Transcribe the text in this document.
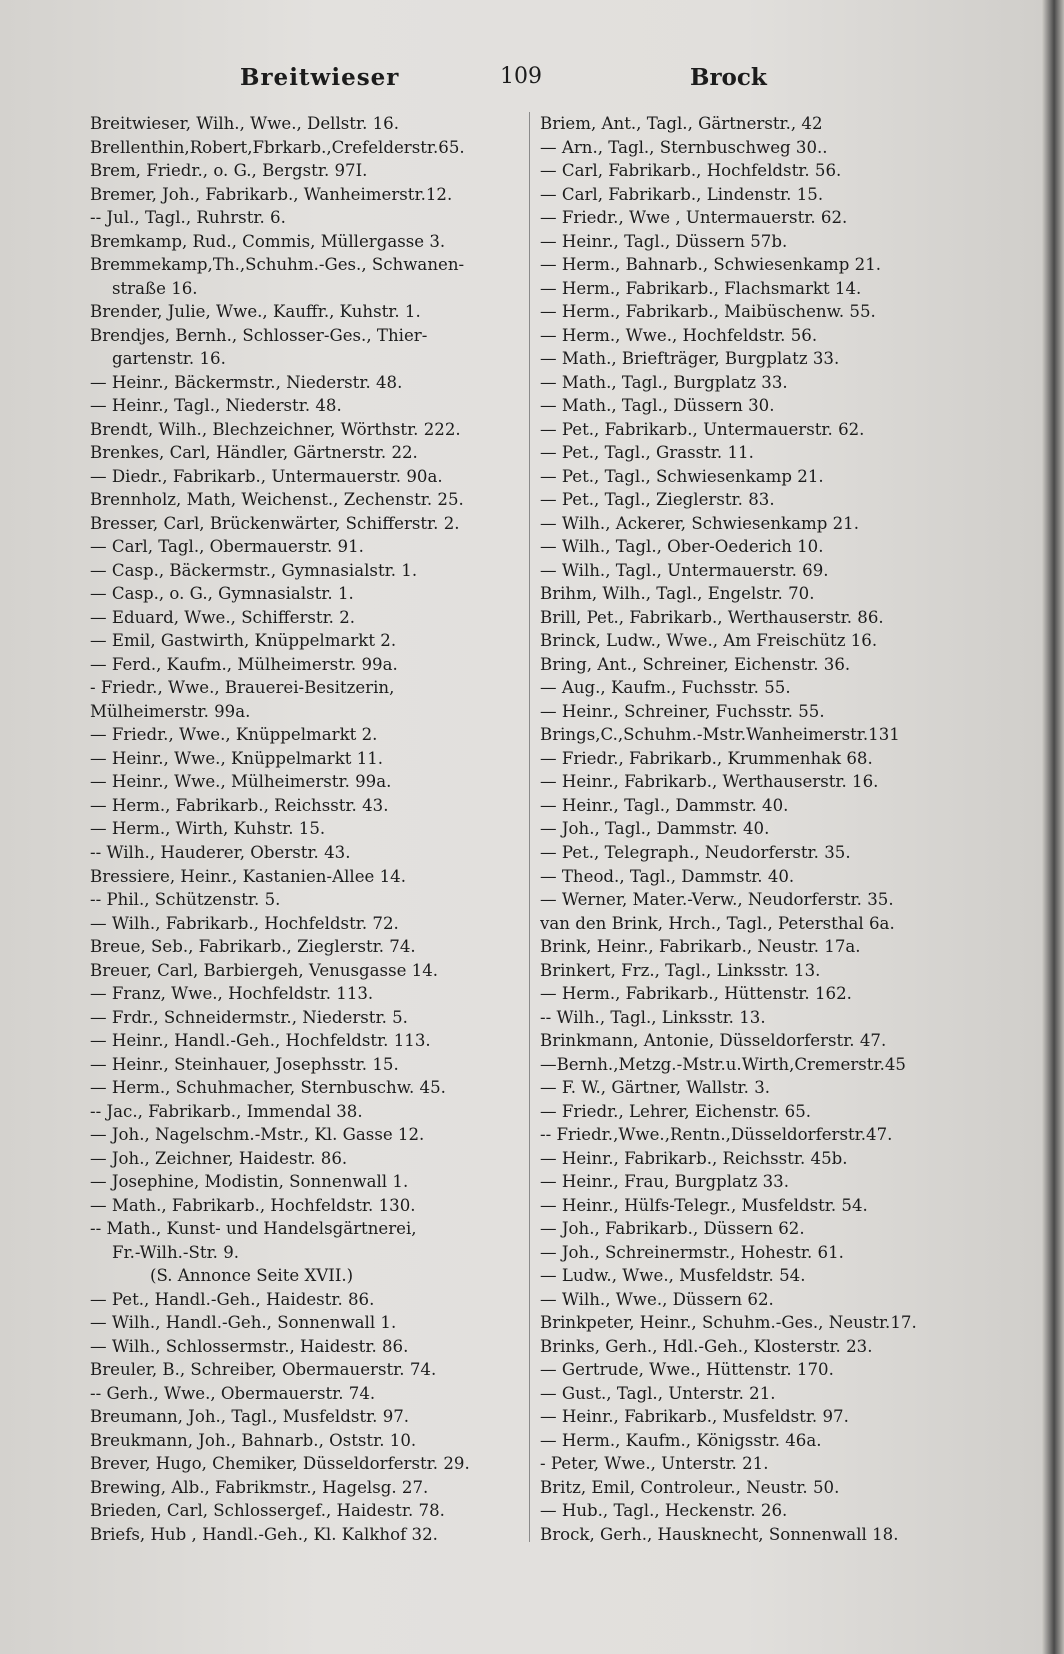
Breitwieser	109	Brock
Breitwieser, Wilh., Wwe., Dellstr. 16.
Brellenthin,Robert,Fbrkarb.,Crefelderstr.65.
Brem, Friedr., o. G., Bergstr. 97I.
Bremer, Joh., Fabrikarb., Wanheimerstr.12.
-- Jul., Tagl., Ruhrstr. 6.
Bremkamp, Rud., Commis, Müllergasse 3.
Bremmekamp,Th.,Schuhm.-Ges., Schwanen-
straße 16.
Brender, Julie, Wwe., Kauffr., Kuhstr. 1.
Brendjes, Bernh., Schlosser-Ges., Thier-
gartenstr. 16.
— Heinr., Bäckermstr., Niederstr. 48.
— Heinr., Tagl., Niederstr. 48.
Brendt, Wilh., Blechzeichner, Wörthstr. 222.
Brenkes, Carl, Händler, Gärtnerstr. 22.
— Diedr., Fabrikarb., Untermauerstr. 90a.
Brennholz, Math, Weichenst., Zechenstr. 25.
Bresser, Carl, Brückenwärter, Schifferstr. 2.
— Carl, Tagl., Obermauerstr. 91.
— Casp., Bäckermstr., Gymnasialstr. 1.
— Casp., o. G., Gymnasialstr. 1.
— Eduard, Wwe., Schifferstr. 2.
— Emil, Gastwirth, Knüppelmarkt 2.
— Ferd., Kaufm., Mülheimerstr. 99a.
- Friedr., Wwe., Brauerei-Besitzerin,
Mülheimerstr. 99a.
— Friedr., Wwe., Knüppelmarkt 2.
— Heinr., Wwe., Knüppelmarkt 11.
— Heinr., Wwe., Mülheimerstr. 99a.
— Herm., Fabrikarb., Reichsstr. 43.
— Herm., Wirth, Kuhstr. 15.
-- Wilh., Hauderer, Oberstr. 43.
Bressiere, Heinr., Kastanien-Allee 14.
-- Phil., Schützenstr. 5.
— Wilh., Fabrikarb., Hochfeldstr. 72.
Breue, Seb., Fabrikarb., Zieglerstr. 74.
Breuer, Carl, Barbiergeh, Venusgasse 14.
— Franz, Wwe., Hochfeldstr. 113.
— Frdr., Schneidermstr., Niederstr. 5.
— Heinr., Handl.-Geh., Hochfeldstr. 113.
— Heinr., Steinhauer, Josephsstr. 15.
— Herm., Schuhmacher, Sternbuschw. 45.
-- Jac., Fabrikarb., Immendal 38.
— Joh., Nagelschm.-Mstr., Kl. Gasse 12.
— Joh., Zeichner, Haidestr. 86.
— Josephine, Modistin, Sonnenwall 1.
— Math., Fabrikarb., Hochfeldstr. 130.
-- Math., Kunst- und Handelsgärtnerei,
Fr.-Wilh.-Str. 9.
(S. Annonce Seite XVII.)
— Pet., Handl.-Geh., Haidestr. 86.
— Wilh., Handl.-Geh., Sonnenwall 1.
— Wilh., Schlossermstr., Haidestr. 86.
Breuler, B., Schreiber, Obermauerstr. 74.
-- Gerh., Wwe., Obermauerstr. 74.
Breumann, Joh., Tagl., Musfeldstr. 97.
Breukmann, Joh., Bahnarb., Oststr. 10.
Brever, Hugo, Chemiker, Düsseldorferstr. 29.
Brewing, Alb., Fabrikmstr., Hagelsg. 27.
Brieden, Carl, Schlossergef., Haidestr. 78.
Briefs, Hub , Handl.-Geh., Kl. Kalkhof 32.
Briem, Ant., Tagl., Gärtnerstr., 42
— Arn., Tagl., Sternbuschweg 30..
— Carl, Fabrikarb., Hochfeldstr. 56.
— Carl, Fabrikarb., Lindenstr. 15.
— Friedr., Wwe , Untermauerstr. 62.
— Heinr., Tagl., Düssern 57b.
— Herm., Bahnarb., Schwiesenkamp 21.
— Herm., Fabrikarb., Flachsmarkt 14.
— Herm., Fabrikarb., Maibüschenw. 55.
— Herm., Wwe., Hochfeldstr. 56.
— Math., Briefträger, Burgplatz 33.
— Math., Tagl., Burgplatz 33.
— Math., Tagl., Düssern 30.
— Pet., Fabrikarb., Untermauerstr. 62.
— Pet., Tagl., Grasstr. 11.
— Pet., Tagl., Schwiesenkamp 21.
— Pet., Tagl., Zieglerstr. 83.
— Wilh., Ackerer, Schwiesenkamp 21.
— Wilh., Tagl., Ober-Oederich 10.
— Wilh., Tagl., Untermauerstr. 69.
Brihm, Wilh., Tagl., Engelstr. 70.
Brill, Pet., Fabrikarb., Werthauserstr. 86.
Brinck, Ludw., Wwe., Am Freischütz 16.
Bring, Ant., Schreiner, Eichenstr. 36.
— Aug., Kaufm., Fuchsstr. 55.
— Heinr., Schreiner, Fuchsstr. 55.
Brings,C.,Schuhm.-Mstr.Wanheimerstr.131
— Friedr., Fabrikarb., Krummenhak 68.
— Heinr., Fabrikarb., Werthauserstr. 16.
— Heinr., Tagl., Dammstr. 40.
— Joh., Tagl., Dammstr. 40.
— Pet., Telegraph., Neudorferstr. 35.
— Theod., Tagl., Dammstr. 40.
— Werner, Mater.-Verw., Neudorferstr. 35.
van den Brink, Hrch., Tagl., Petersthal 6a.
Brink, Heinr., Fabrikarb., Neustr. 17a.
Brinkert, Frz., Tagl., Linksstr. 13.
— Herm., Fabrikarb., Hüttenstr. 162.
-- Wilh., Tagl., Linksstr. 13.
Brinkmann, Antonie, Düsseldorferstr. 47.
—Bernh.,Metzg.-Mstr.u.Wirth,Cremerstr.45
— F. W., Gärtner, Wallstr. 3.
— Friedr., Lehrer, Eichenstr. 65.
-- Friedr.,Wwe.,Rentn.,Düsseldorferstr.47.
— Heinr., Fabrikarb., Reichsstr. 45b.
— Heinr., Frau, Burgplatz 33.
— Heinr., Hülfs-Telegr., Musfeldstr. 54.
— Joh., Fabrikarb., Düssern 62.
— Joh., Schreinermstr., Hohestr. 61.
— Ludw., Wwe., Musfeldstr. 54.
— Wilh., Wwe., Düssern 62.
Brinkpeter, Heinr., Schuhm.-Ges., Neustr.17.
Brinks, Gerh., Hdl.-Geh., Klosterstr. 23.
— Gertrude, Wwe., Hüttenstr. 170.
— Gust., Tagl., Unterstr. 21.
— Heinr., Fabrikarb., Musfeldstr. 97.
— Herm., Kaufm., Königsstr. 46a.
- Peter, Wwe., Unterstr. 21.
Britz, Emil, Controleur., Neustr. 50.
— Hub., Tagl., Heckenstr. 26.
Brock, Gerh., Hausknecht, Sonnenwall 18.
